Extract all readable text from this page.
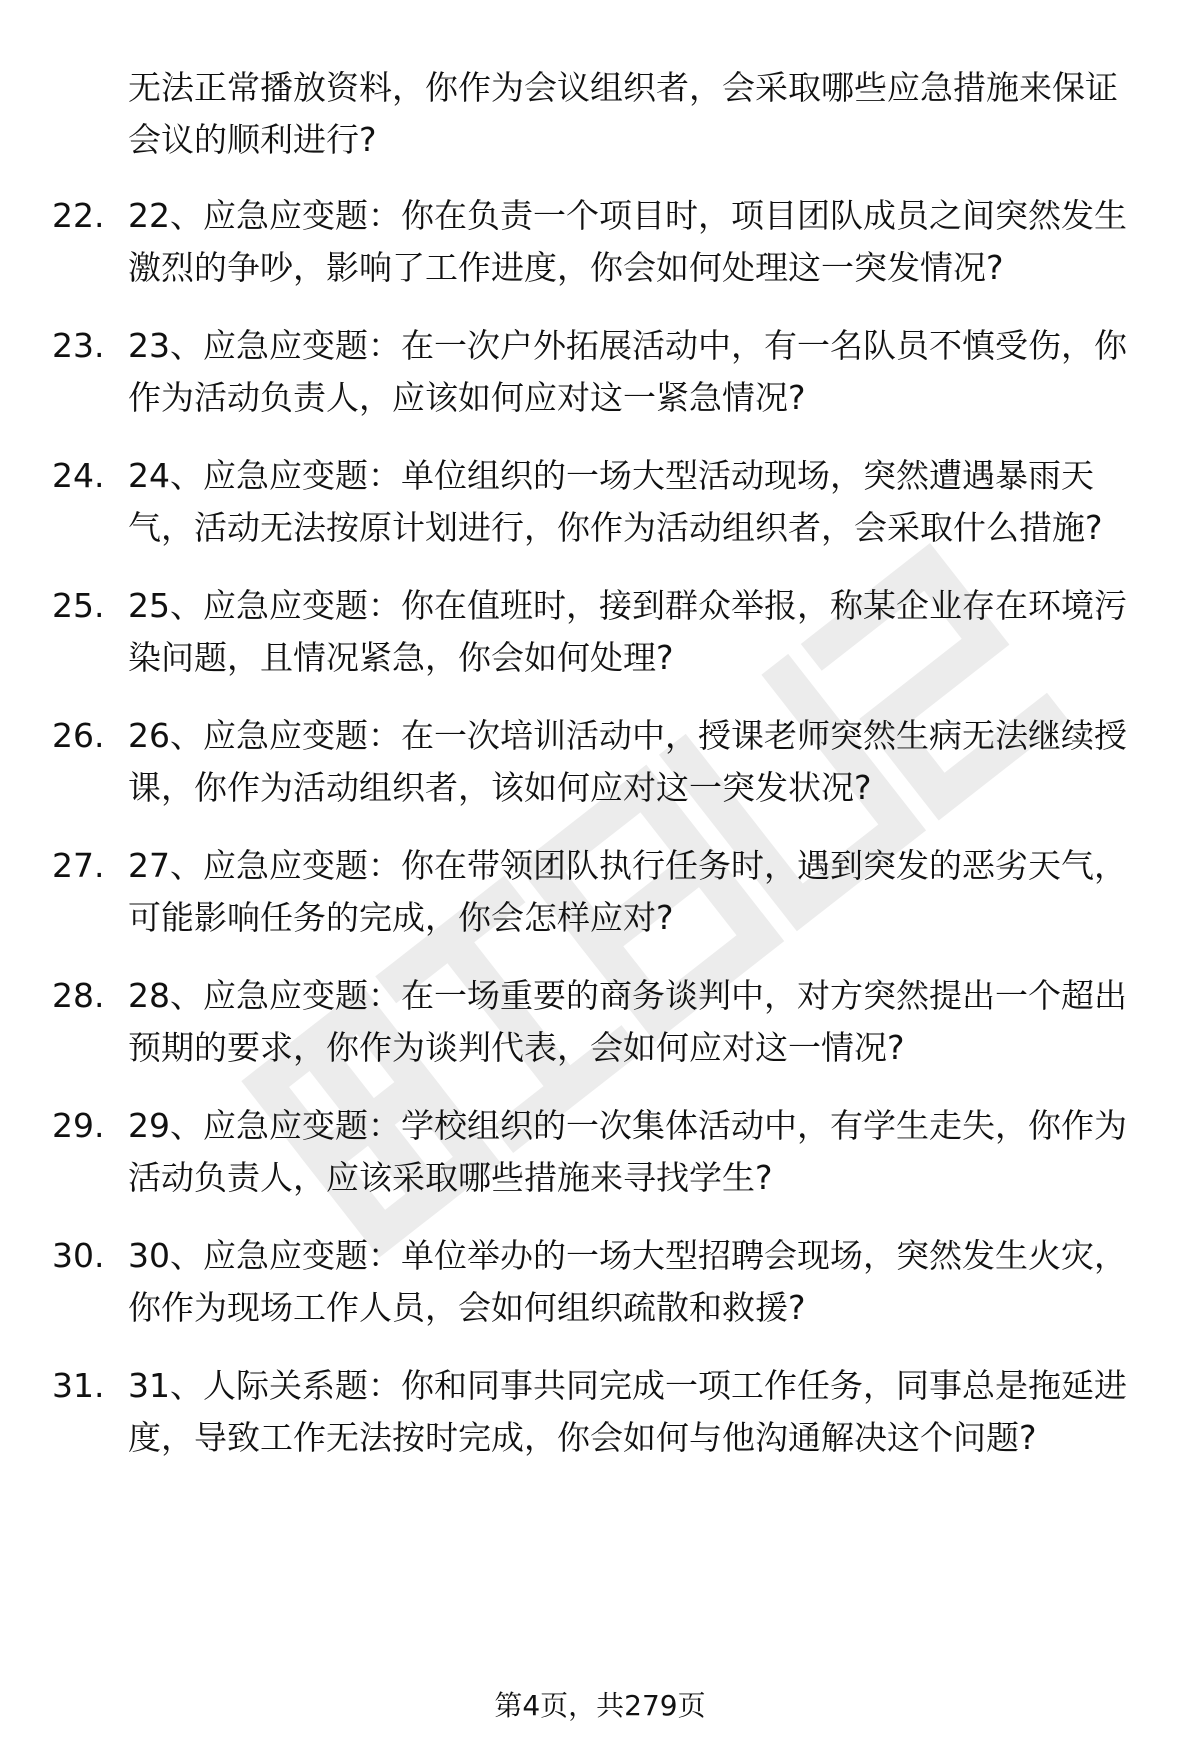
无法正常播放资料，你作为会议组织者，会采取哪些应急措施来保证会议的顺利进行?

22. 22、应急应变题：你在负责一个项目时，项目团队成员之间突然发生激烈的争吵，影响了工作进度，你会如何处理这一突发情况?
23. 23、应急应变题：在一次户外拓展活动中，有一名队员不慎受伤，你作为活动负责人，应该如何应对这一紧急情况?
24. 24、应急应变题：单位组织的一场大型活动现场，突然遭遇暴雨天气，活动无法按原计划进行，你作为活动组织者，会采取什么措施?
25. 25、应急应变题：你在值班时，接到群众举报，称某企业存在环境污染问题，且情况紧急，你会如何处理?
26. 26、应急应变题：在一次培训活动中，授课老师突然生病无法继续授课，你作为活动组织者，该如何应对这一突发状况?
27. 27、应急应变题：你在带领团队执行任务时，遇到突发的恶劣天气，可能影响任务的完成，你会怎样应对?
28. 28、应急应变题：在一场重要的商务谈判中，对方突然提出一个超出预期的要求，你作为谈判代表，会如何应对这一情况?
29. 29、应急应变题：学校组织的一次集体活动中，有学生走失，你作为活动负责人，应该采取哪些措施来寻找学生?
30. 30、应急应变题：单位举办的一场大型招聘会现场，突然发生火灾，你作为现场工作人员，会如何组织疏散和救援?
31. 31、人际关系题：你和同事共同完成一项工作任务，同事总是拖延进度，导致工作无法按时完成，你会如何与他沟通解决这个问题?
第4页，共279页
